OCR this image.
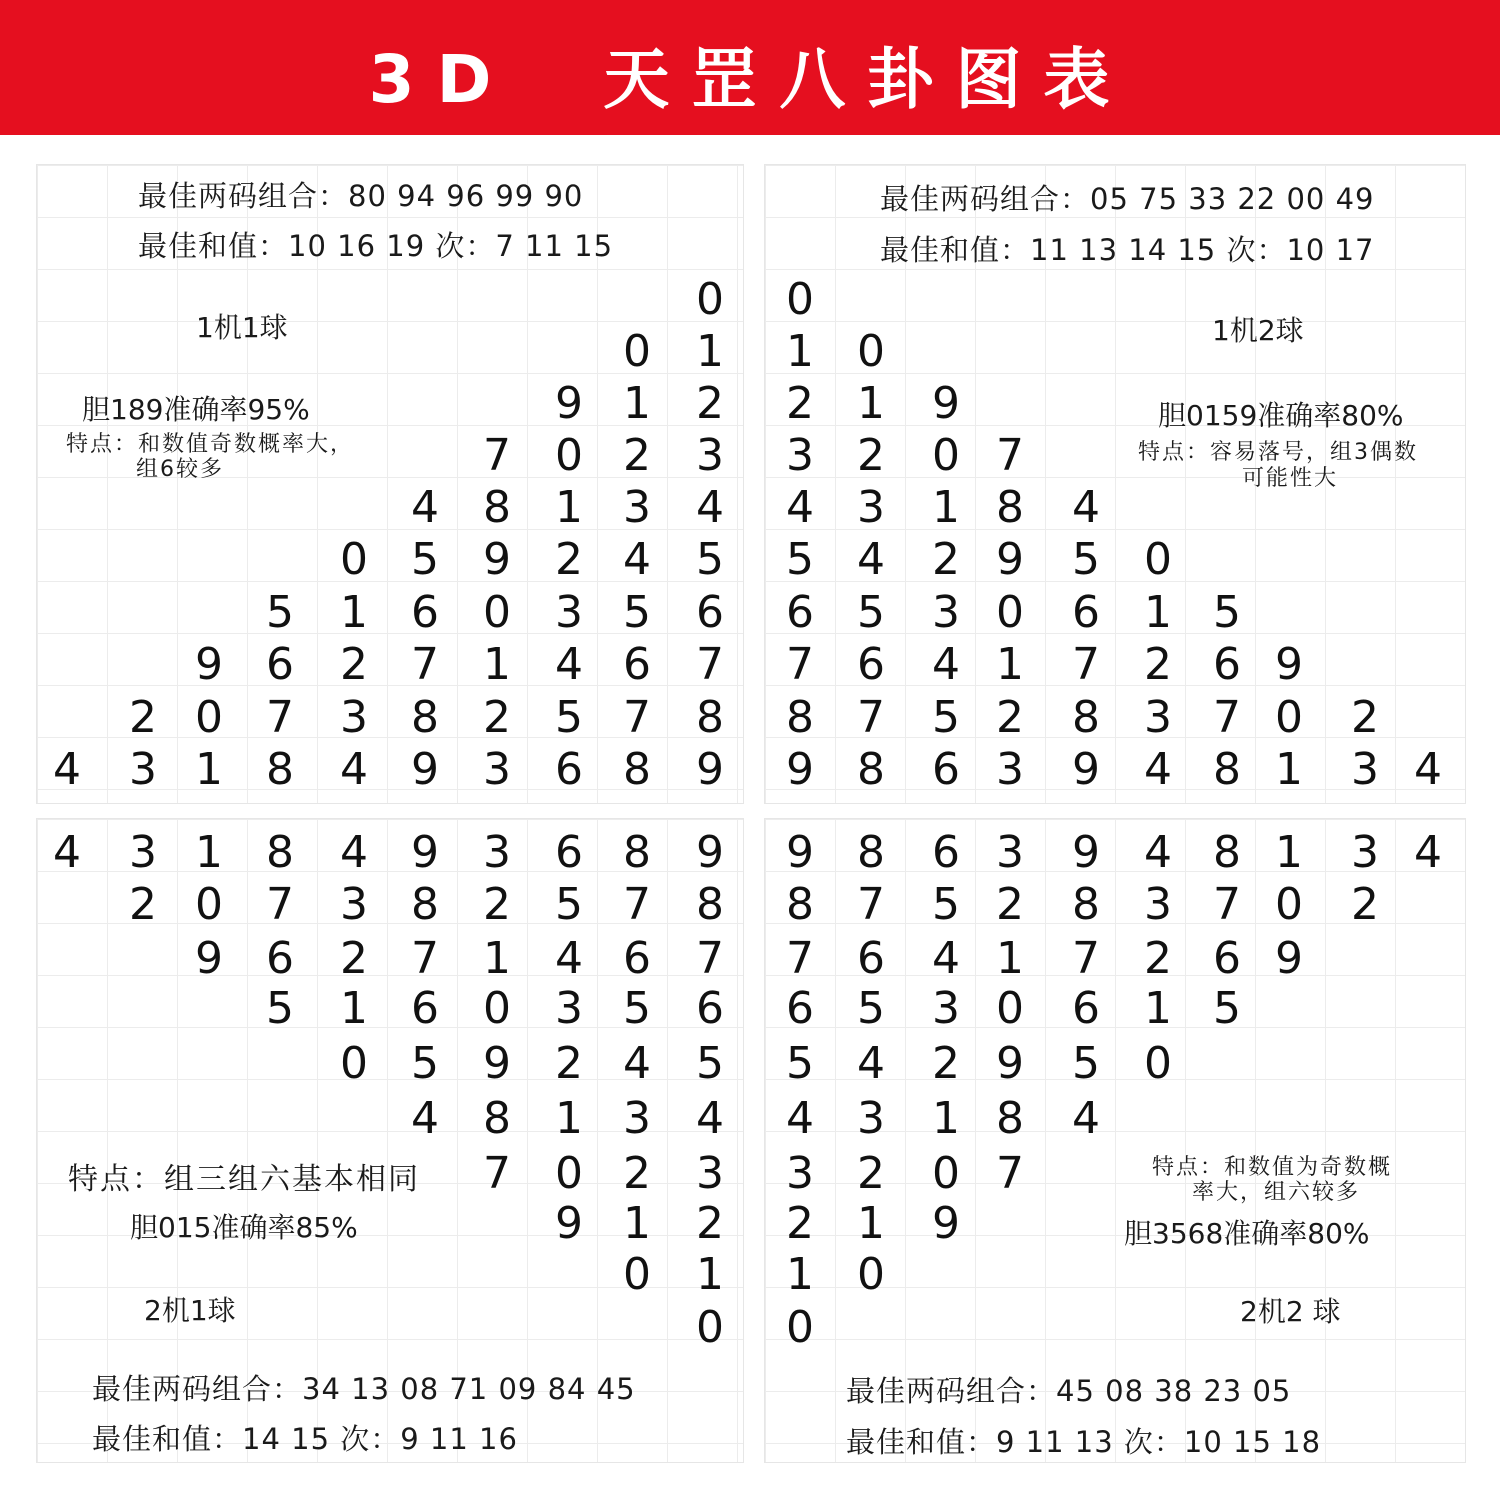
3D  天罡八卦图表
最佳两码组合：80 94 96 99 90
最佳和值：10 16 19 次：7 11 15
1机1球
胆189准确率95%
特点：和数值奇数概率大，
组6较多
最佳两码组合：05 75 33 22 00 49
最佳和值：11 13 14 15 次：10 17
1机2球
胆0159准确率80%
特点：容易落号，组3偶数
可能性大
特点：组三组六基本相同
胆015准确率85%
2机1球
最佳两码组合：34 13 08 71 09 84 45
最佳和值：14 15 次：9 11 16
特点：和数值为奇数概
率大，组六较多
胆3568准确率80%
2机2 球
最佳两码组合：45 08 38 23 05
最佳和值：9 11 13 次：10 15 18
0
0 1
9 1 2
7 0 2 3
4 8 1 3 4
0 5 9 2 4 5
5 1 6 0 3 5 6
9 6 2 7 1 4 6 7
2 0 7 3 8 2 5 7 8
4 3 1 8 4 9 3 6 8 9
0
1 0
2 1 9
3 2 0 7
4 3 1 8 4
5 4 2 9 5 0
6 5 3 0 6 1 5
7 6 4 1 7 2 6 9
8 7 5 2 8 3 7 0 2
9 8 6 3 9 4 8 1 3 4
4 3 1 8 4 9 3 6 8 9
2 0 7 3 8 2 5 7 8
9 6 2 7 1 4 6 7
5 1 6 0 3 5 6
0 5 9 2 4 5
4 8 1 3 4
7 0 2 3
9 1 2
0 1
0
9 8 6 3 9 4 8 1 3 4
8 7 5 2 8 3 7 0 2
7 6 4 1 7 2 6 9
6 5 3 0 6 1 5
5 4 2 9 5 0
4 3 1 8 4
3 2 0 7
2 1 9
1 0
0
